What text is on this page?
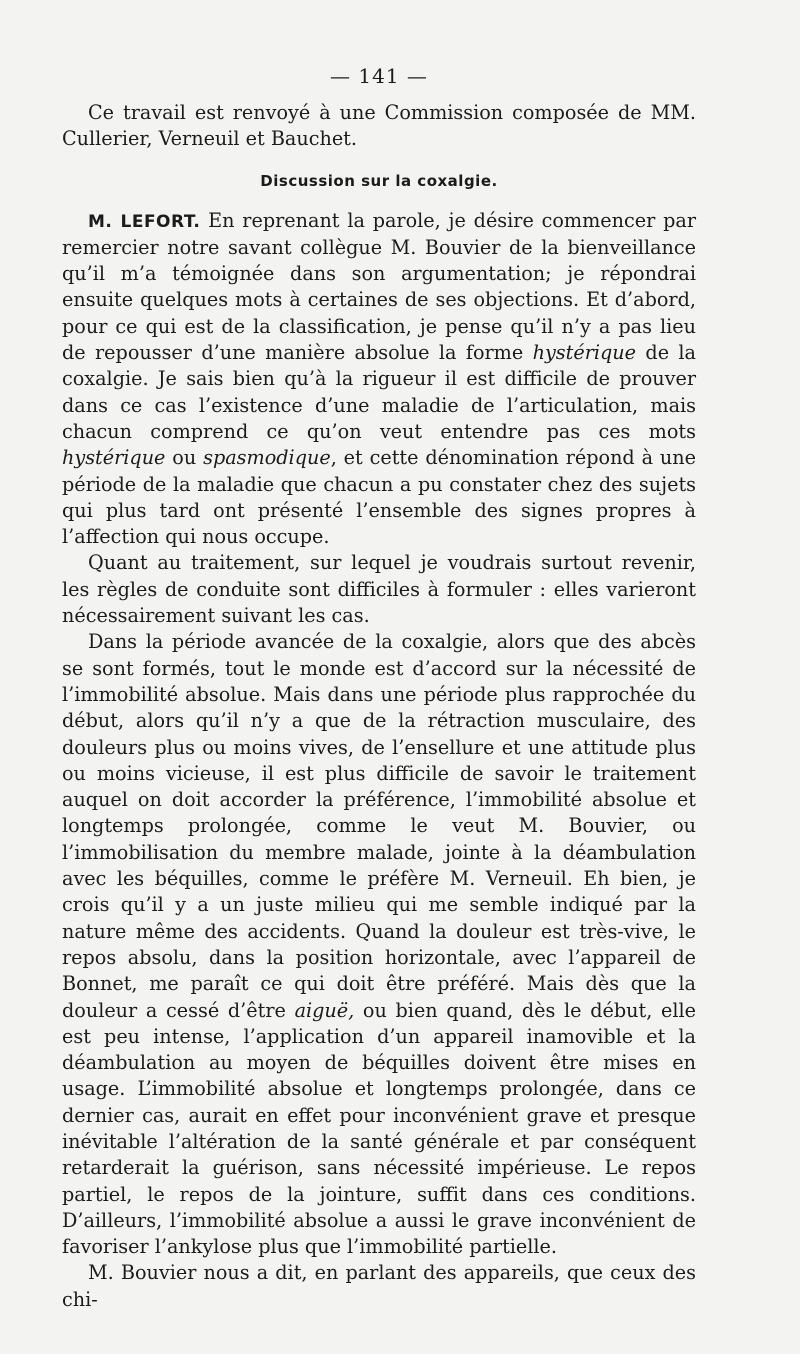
— 141 —

Ce travail est renvoyé à une Commission composée de MM. Cullerier, Verneuil et Bauchet.

Discussion sur la coxalgie.

M. LEFORT. En reprenant la parole, je désire commencer par remercier notre savant collègue M. Bouvier de la bienveillance qu’il m’a témoignée dans son argumentation; je répondrai ensuite quelques mots à certaines de ses objections. Et d’abord, pour ce qui est de la classification, je pense qu’il n’y a pas lieu de repousser d’une manière absolue la forme hystérique de la coxalgie. Je sais bien qu’à la rigueur il est difficile de prouver dans ce cas l’existence d’une maladie de l’articulation, mais chacun comprend ce qu’on veut entendre pas ces mots hystérique ou spasmodique, et cette dénomination répond à une période de la maladie que chacun a pu constater chez des sujets qui plus tard ont présenté l’ensemble des signes propres à l’affection qui nous occupe.

Quant au traitement, sur lequel je voudrais surtout revenir, les règles de conduite sont difficiles à formuler : elles varieront nécessairement suivant les cas.

Dans la période avancée de la coxalgie, alors que des abcès se sont formés, tout le monde est d’accord sur la nécessité de l’immobilité absolue. Mais dans une période plus rapprochée du début, alors qu’il n’y a que de la rétraction musculaire, des douleurs plus ou moins vives, de l’ensellure et une attitude plus ou moins vicieuse, il est plus difficile de savoir le traitement auquel on doit accorder la préférence, l’immobilité absolue et longtemps prolongée, comme le veut M. Bouvier, ou l’immobilisation du membre malade, jointe à la déambulation avec les béquilles, comme le préfère M. Verneuil. Eh bien, je crois qu’il y a un juste milieu qui me semble indiqué par la nature même des accidents. Quand la douleur est très-vive, le repos absolu, dans la position horizontale, avec l’appareil de Bonnet, me paraît ce qui doit être préféré. Mais dès que la douleur a cessé d’être aiguë, ou bien quand, dès le début, elle est peu intense, l’application d’un appareil inamovible et la déambulation au moyen de béquilles doivent être mises en usage. L’immobilité absolue et longtemps prolongée, dans ce dernier cas, aurait en effet pour inconvénient grave et presque inévitable l’altération de la santé générale et par conséquent retarderait la guérison, sans nécessité impérieuse. Le repos partiel, le repos de la jointure, suffit dans ces conditions. D’ailleurs, l’immobilité absolue a aussi le grave inconvénient de favoriser l’ankylose plus que l’immobilité partielle.

M. Bouvier nous a dit, en parlant des appareils, que ceux des chi-
